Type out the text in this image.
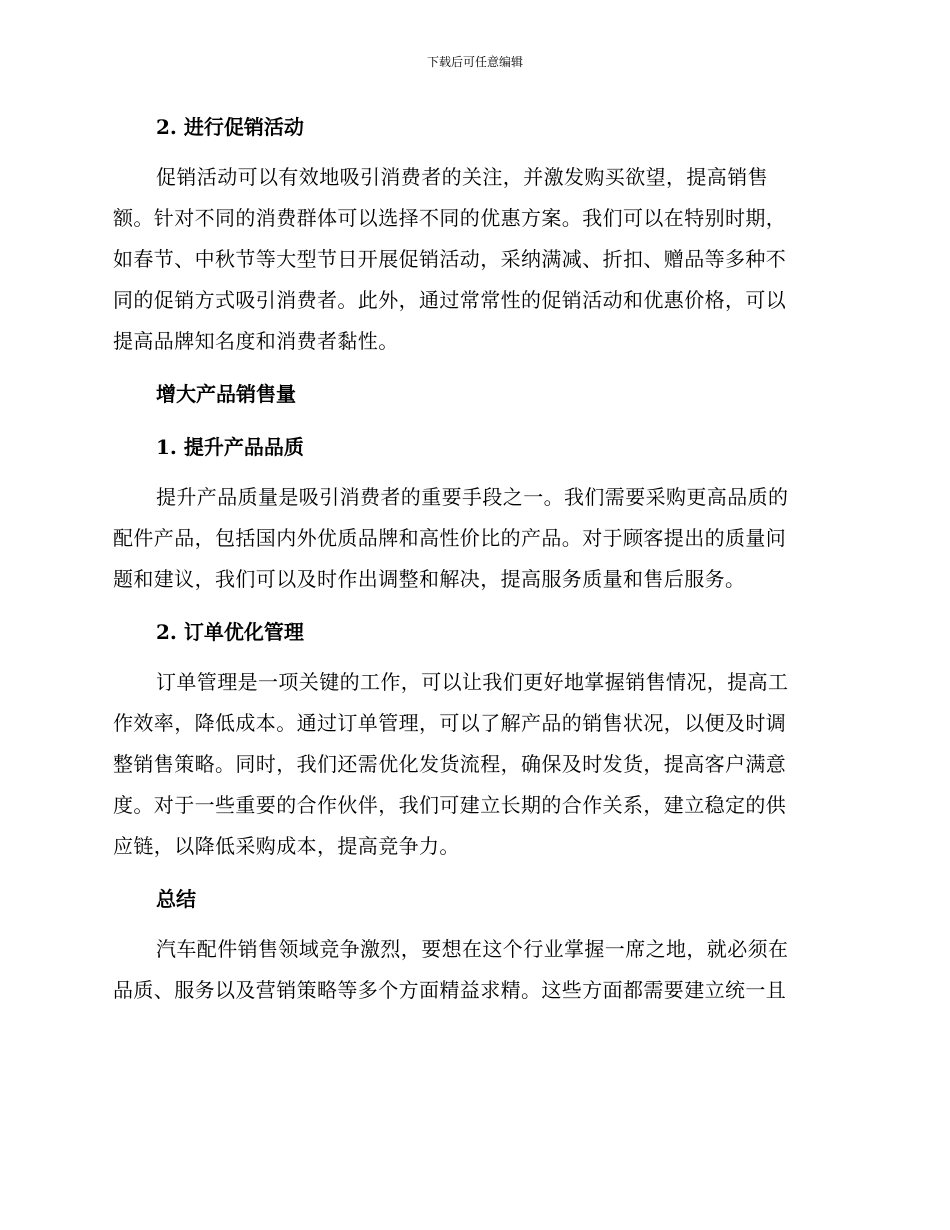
下载后可任意编辑
2. 进行促销活动
促销活动可以有效地吸引消费者的关注，并激发购买欲望，提高销售
额。针对不同的消费群体可以选择不同的优惠方案。我们可以在特别时期，
如春节、中秋节等大型节日开展促销活动，采纳满减、折扣、赠品等多种不
同的促销方式吸引消费者。此外，通过常常性的促销活动和优惠价格，可以
提高品牌知名度和消费者黏性。
增大产品销售量
1. 提升产品品质
提升产品质量是吸引消费者的重要手段之一。我们需要采购更高品质的
配件产品，包括国内外优质品牌和高性价比的产品。对于顾客提出的质量问
题和建议，我们可以及时作出调整和解决，提高服务质量和售后服务。
2. 订单优化管理
订单管理是一项关键的工作，可以让我们更好地掌握销售情况，提高工
作效率，降低成本。通过订单管理，可以了解产品的销售状况，以便及时调
整销售策略。同时，我们还需优化发货流程，确保及时发货，提高客户满意
度。对于一些重要的合作伙伴，我们可建立长期的合作关系，建立稳定的供
应链，以降低采购成本，提高竞争力。
总结
汽车配件销售领域竞争激烈，要想在这个行业掌握一席之地，就必须在
品质、服务以及营销策略等多个方面精益求精。这些方面都需要建立统一且
